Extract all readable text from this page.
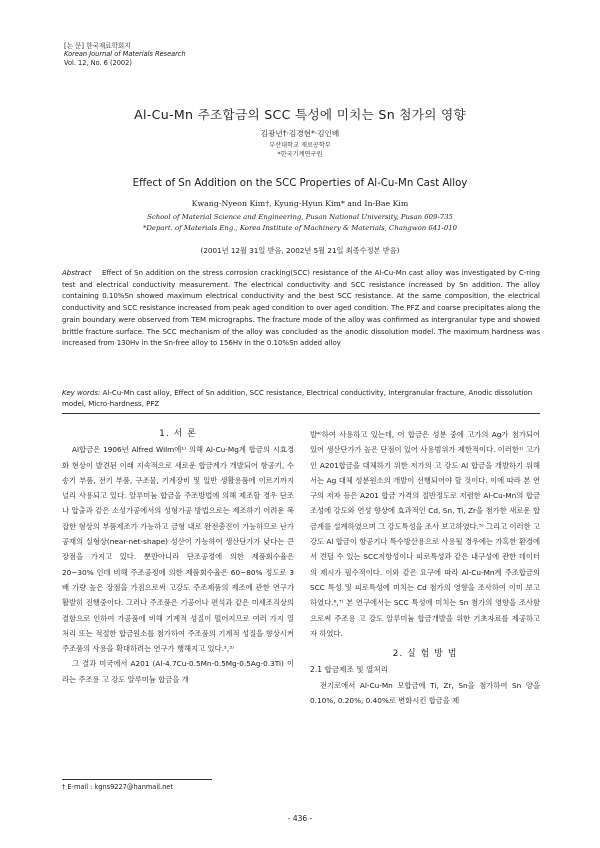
[논 문] 한국재료학회지
Korean Journal of Materials Research
Vol. 12, No. 6 (2002)
Al-Cu-Mn 주조합금의 SCC 특성에 미치는 Sn 첨가의 영향
김광년†·김경현*·김인배
부산대학교 재료공학부
*한국기계연구원
Effect of Sn Addition on the SCC Properties of Al-Cu-Mn Cast Alloy
Kwang-Nyeon Kim†, Kyung-Hyun Kim* and In-Bae Kim
School of Material Science and Engineering, Pusan National University, Pusan 609-735
*Depart. of Materials Eng., Korea Institute of Machinery & Materials, Changwon 641-010
(2001년 12월 31일 받음, 2002년 5월 21일 최종수정본 받음)
Abstract Effect of Sn addition on the stress corrosion cracking(SCC) resistance of the Al-Cu-Mn cast alloy was investigated by C-ring test and electrical conductivity measurement. The electrical conductivity and SCC resistance increased by Sn addition. The alloy containing 0.10%Sn showed maximum electrical conductivity and the best SCC resistance. At the same composition, the electrical conductivity and SCC resistance increased from peak aged condition to over aged condition. The PFZ and coarse precipitates along the grain boundary were observed from TEM micrographs. The fracture mode of the alloy was confirmed as intergranular type and showed brittle fracture surface. The SCC mechanism of the alloy was concluded as the anodic dissolution model. The maximum hardness was increased from 130Hv in the Sn-free alloy to 156Hv in the 0.10%Sn added alloy
Key words: Al-Cu-Mn cast alloy, Effect of Sn addition, SCC resistance, Electrical conductivity, Intergranular fracture, Anodic dissolution model, Micro-hardness, PFZ
1. 서 론

Al합금은 1906년 Alfred Wilm에¹⁾ 의해 Al-Cu-Mg계 합금의 시효경화 현상이 발견된 이래 지속적으로 새로운 합금계가 개발되어 항공기, 수송기 부품, 전기 부품, 구조물, 기계장비 및 일반 생활용품에 이르기까지 널리 사용되고 있다. 알루미늄 합금을 주조방법에 의해 제조할 경우 단조나 압출과 같은 소성가공에서의 성형가공 방법으로는 제조하기 어려운 복잡한 형상의 부품제조가 가능하고 금형 내로 완전충진이 가능하므로 난가공재의 실형상(near-net-shape) 성산이 가능하여 생산단가가 낮다는 큰 장점을 가지고 있다. 뿐만아니라 단조공정에 의한 제품회수율은 20~30% 인데 비해 주조공정에 의한 제품회수율은 60~80% 정도로 3배 가량 높은 장점을 가짐으로써 고강도 주조제품의 제조에 관한 연구가 활발히 진행중이다. 그러나 주조품은 기공이나 편석과 같은 미세조직상의 결함으로 인하여 가공품에 비해 기계적 성질이 떨어지므로 여러 가지 열처리 또는 적절한 합금원소를 첨가하여 주조품의 기계적 성질을 향상시켜 주조품의 사용을 확대하려는 연구가 행해지고 있다.²,³⁾

그 결과 미국에서 A201 (Al-4.7Cu-0.5Mn-0.5Mg-0.5Ag-0.3Ti) 이라는 주조용 고 강도 알루미늄 합금을 개

발⁴⁾하여 사용하고 있는데, 이 합금은 성분 중에 고가의 Ag가 첨가되어 있어 생산단가가 높은 단점이 있어 사용범위가 제한적이다. 이러한¹⁾ 고가인 A201합금을 대체하기 위한 저가의 고 강도 Al 합금을 개발하기 위해서는 Ag 대체 성분원소의 개발이 선행되어야 할 것이다. 이에 따라 본 연구의 저자 등은 A201 합금 가격의 절반정도로 저렴한 Al-Cu-Mn의 합금 조성에 강도와 연성 향상에 효과적인 Cd, Sn, Ti, Zr을 첨가한 새로운 합금계를 설계하였으며 그 강도특성을 조사 보고하였다.⁵⁾ 그리고 이러한 고강도 Al 합금이 항공기나 특수방산용으로 사용될 경우에는 가혹한 환경에서 견딜 수 있는 SCC저항성이나 피로특성과 같은 내구성에 관한 데이터의 제시가 필수적이다. 이와 같은 요구에 따라 Al-Cu-Mn계 주조합금의 SCC 특성 및 피로특성에 미치는 Cd 첨가의 영향을 조사하여 이미 보고하였다.⁶,⁷⁾ 본 연구에서는 SCC 특성에 미치는 Sn 첨가의 영향을 조사함으로써 주조용 고 강도 알루미늄 합금개발을 위한 기초자료를 제공하고자 하였다.

2. 실 험 방 법
2.1 합금제조 및 열처리

전기로에서 Al-Cu-Mn 모합금에 Ti, Zr, Sn을 첨가하여 Sn 양을 0.10%, 0.20%, 0.40%로 변화시킨 합금을 제

† E-mail : kgns9227@hanmail.net
- 436 -
